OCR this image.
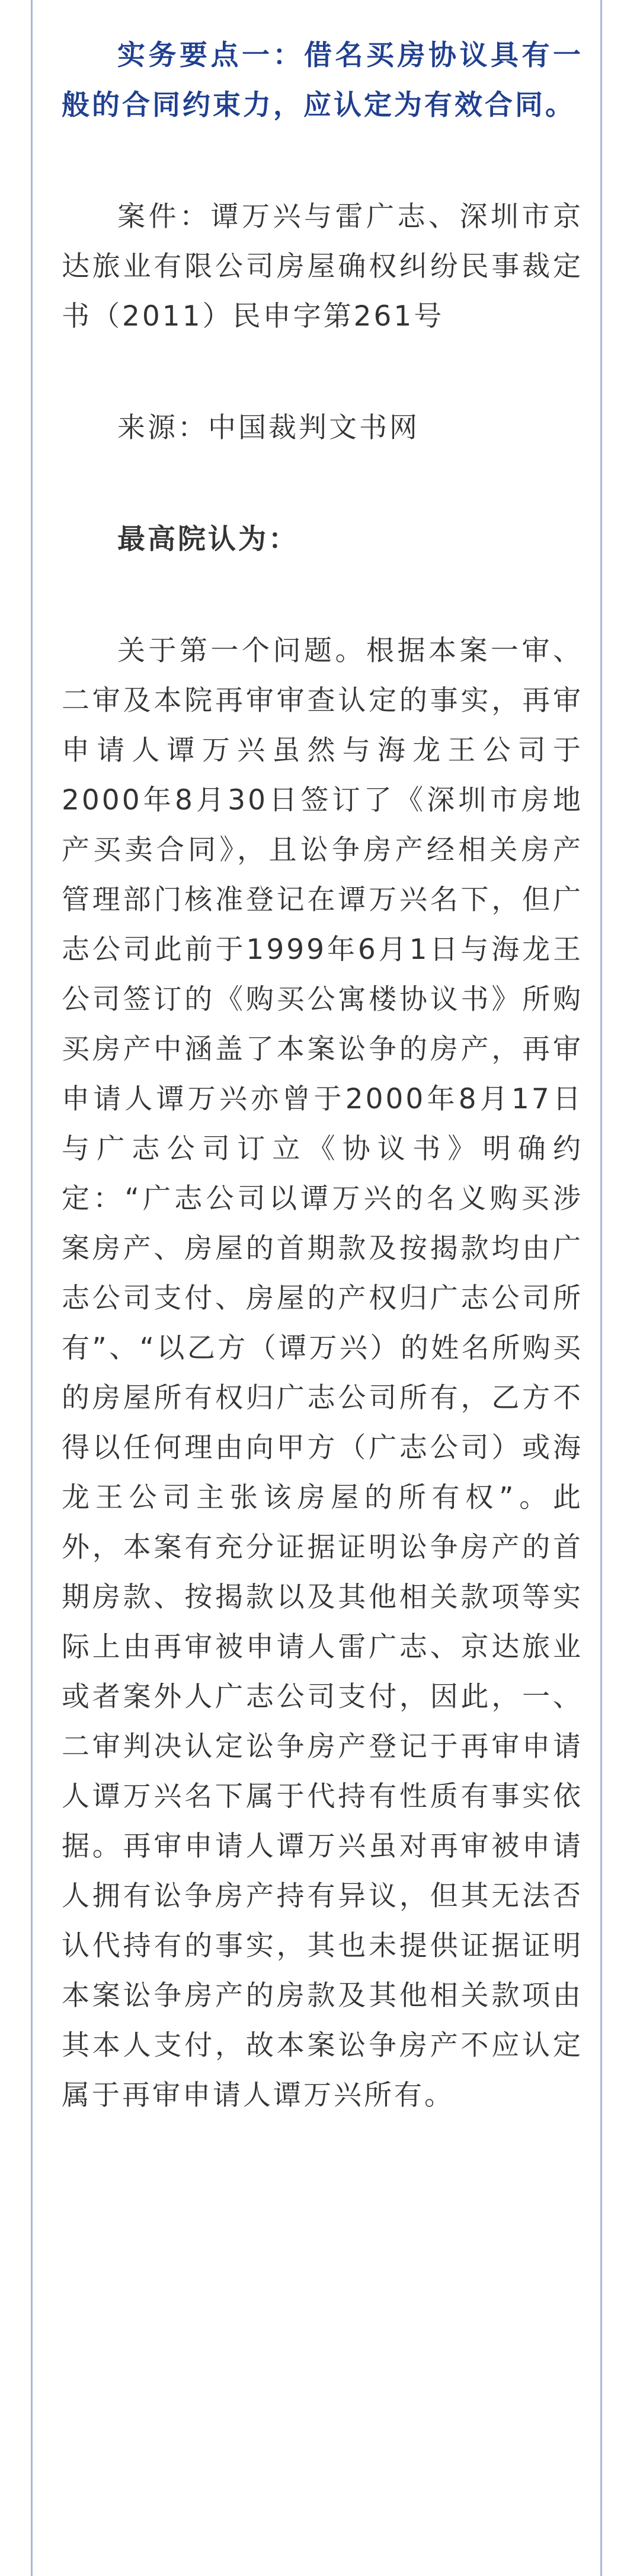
实务要点一：借名买房协议具有一般的合同约束力，应认定为有效合同。

案件：谭万兴与雷广志、深圳市京达旅业有限公司房屋确权纠纷民事裁定书（2011）民申字第261号

来源：中国裁判文书网

最高院认为：

关于第一个问题。根据本案一审、二审及本院再审审查认定的事实，再审申请人谭万兴虽然与海龙王公司于2000年8月30日签订了《深圳市房地产买卖合同》，且讼争房产经相关房产管理部门核准登记在谭万兴名下，但广志公司此前于1999年6月1日与海龙王公司签订的《购买公寓楼协议书》所购买房产中涵盖了本案讼争的房产，再审申请人谭万兴亦曾于2000年8月17日与广志公司订立《协议书》明确约定：“广志公司以谭万兴的名义购买涉案房产、房屋的首期款及按揭款均由广志公司支付、房屋的产权归广志公司所有”、“以乙方（谭万兴）的姓名所购买的房屋所有权归广志公司所有，乙方不得以任何理由向甲方（广志公司）或海龙王公司主张该房屋的所有权”。此外，本案有充分证据证明讼争房产的首期房款、按揭款以及其他相关款项等实际上由再审被申请人雷广志、京达旅业或者案外人广志公司支付，因此，一、二审判决认定讼争房产登记于再审申请人谭万兴名下属于代持有性质有事实依据。再审申请人谭万兴虽对再审被申请人拥有讼争房产持有异议，但其无法否认代持有的事实，其也未提供证据证明本案讼争房产的房款及其他相关款项由其本人支付，故本案讼争房产不应认定属于再审申请人谭万兴所有。
